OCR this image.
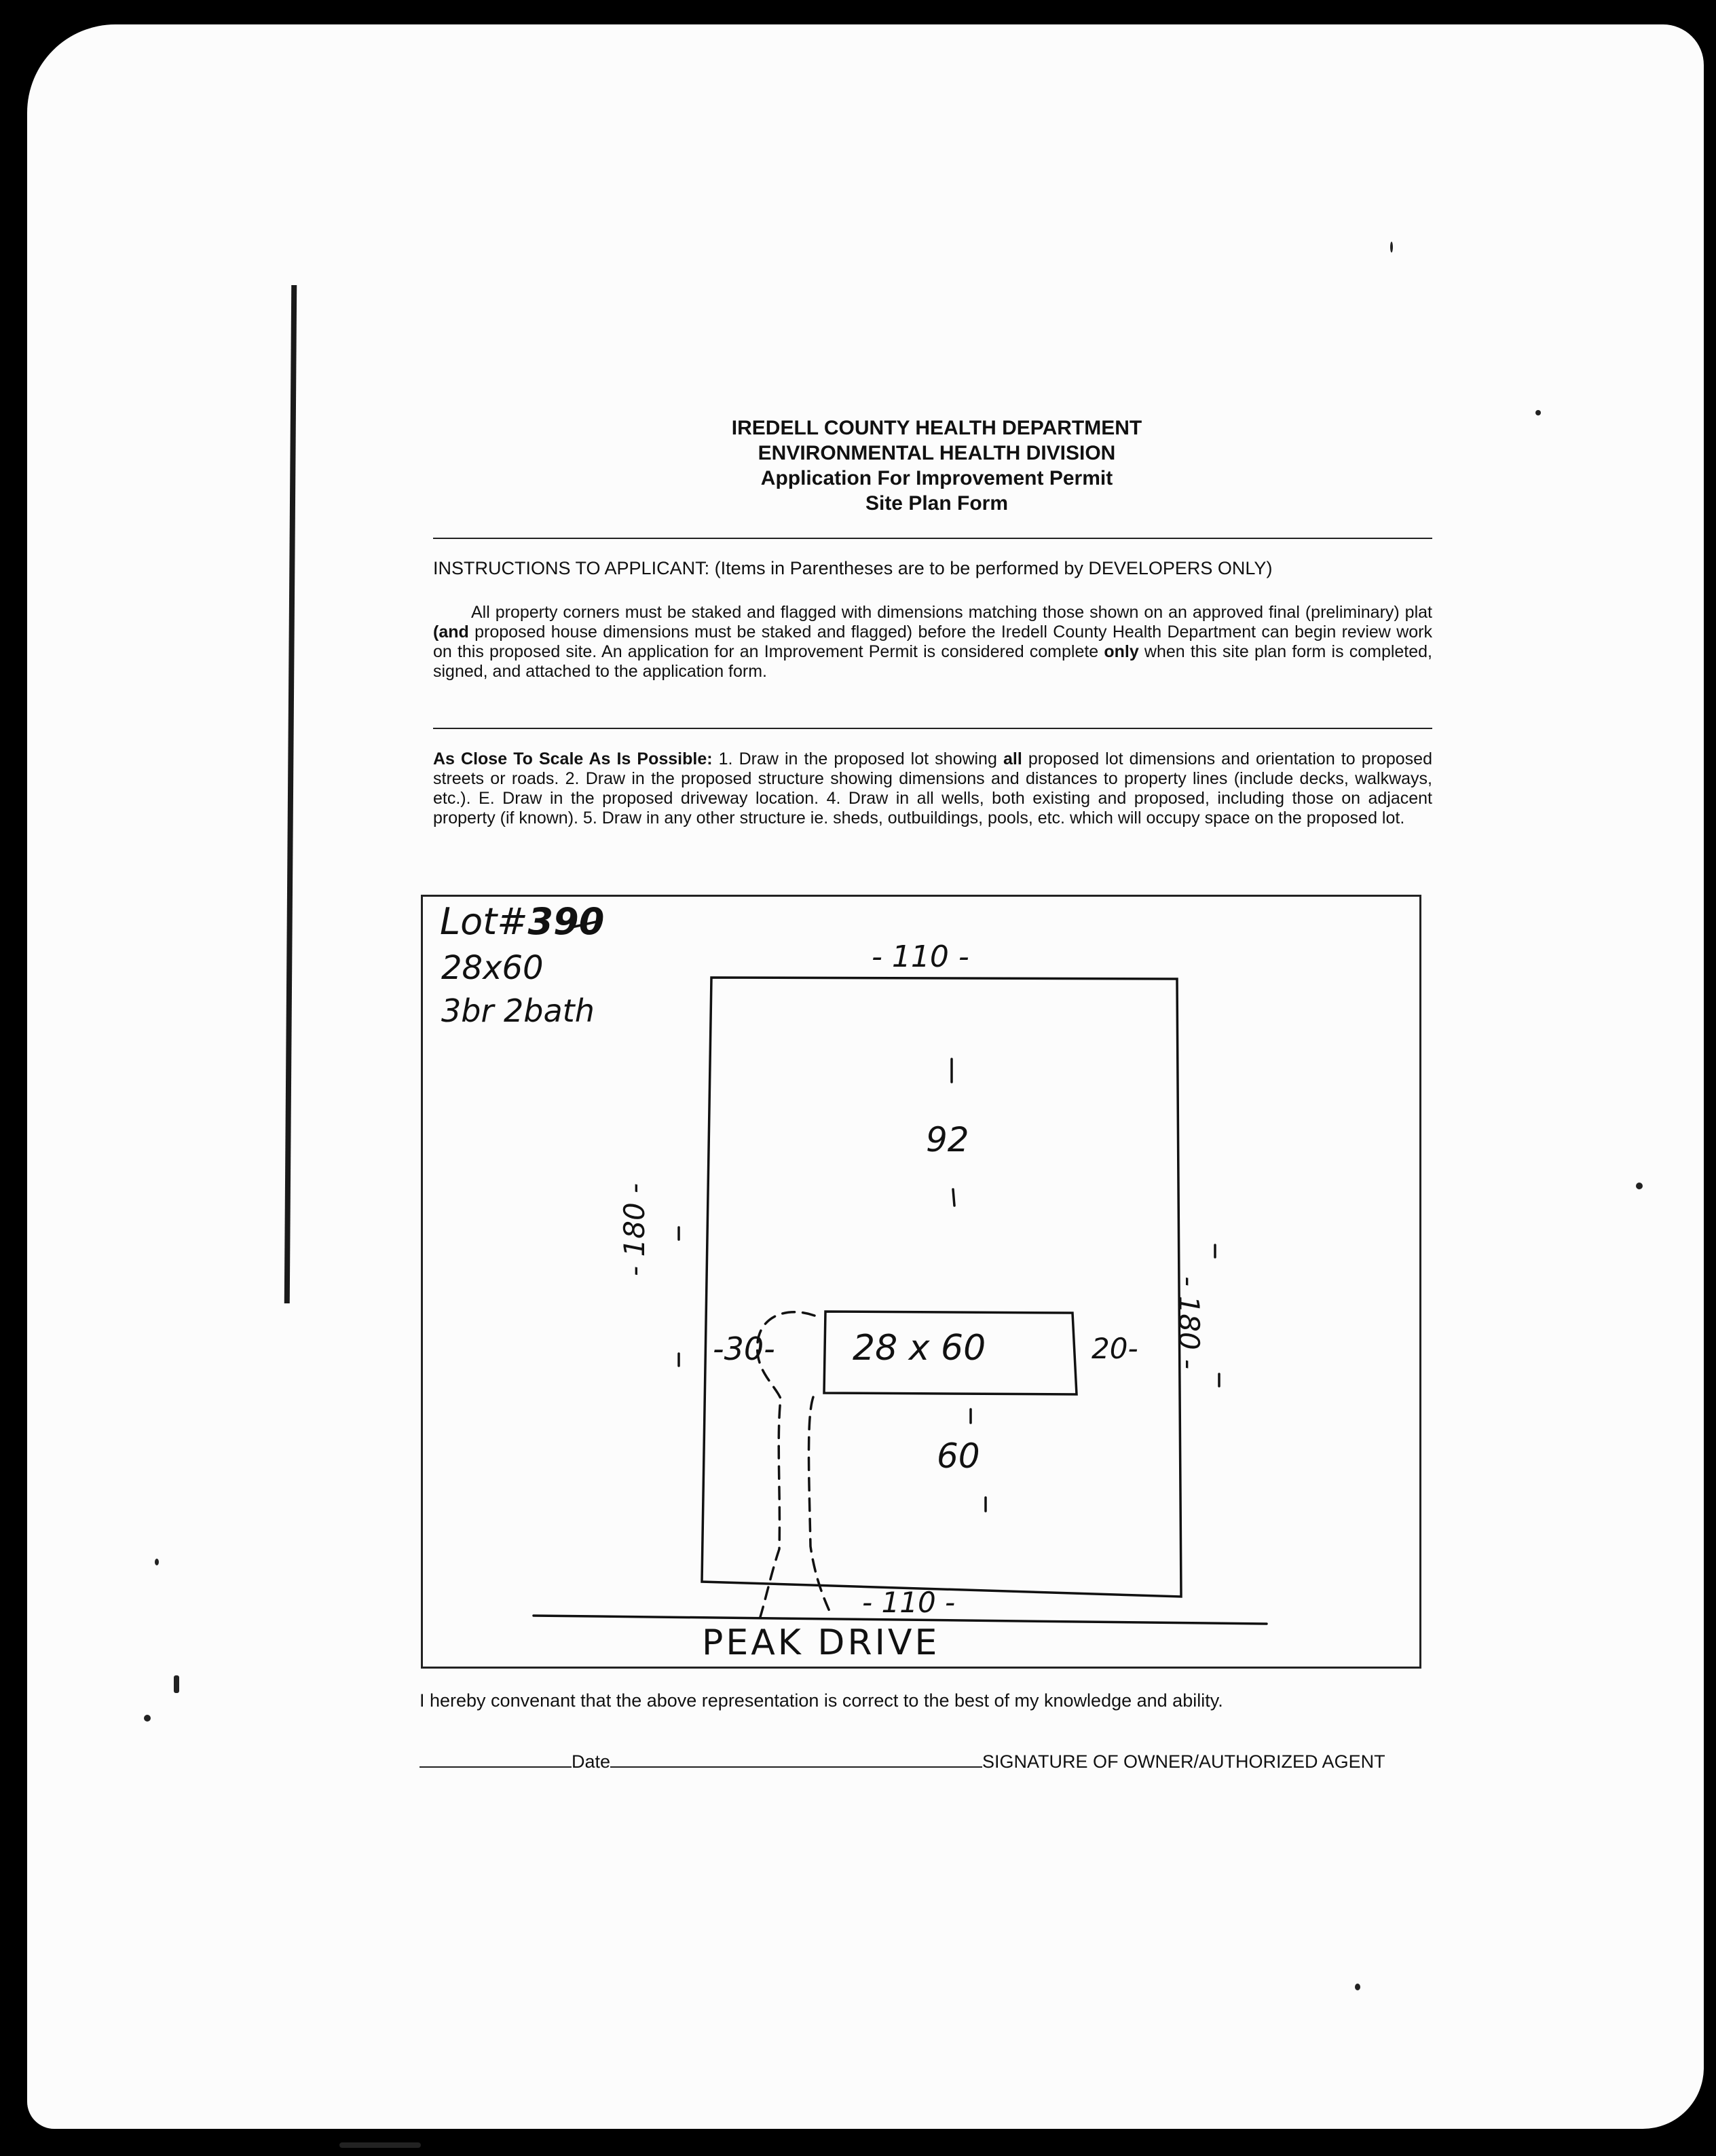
IREDELL COUNTY HEALTH DEPARTMENT
ENVIRONMENTAL HEALTH DIVISION
Application For Improvement Permit
Site Plan Form
INSTRUCTIONS TO APPLICANT: (Items in Parentheses are to be performed by DEVELOPERS ONLY)
All property corners must be staked and flagged with dimensions matching those shown on an approved final (preliminary) plat (and proposed house dimensions must be staked and flagged) before the Iredell County Health Department can begin review work on this proposed site. An application for an Improvement Permit is considered complete only when this site plan form is completed, signed, and attached to the application form.
As Close To Scale As Is Possible: 1. Draw in the proposed lot showing all proposed lot dimensions and orientation to proposed streets or roads. 2. Draw in the proposed structure showing dimensions and distances to property lines (include decks, walkways, etc.). E. Draw in the proposed driveway location. 4. Draw in all wells, both existing and proposed, including those on adjacent property (if known). 5. Draw in any other structure ie. sheds, outbuildings, pools, etc. which will occupy space on the proposed lot.
Lot#390
28x60
3br 2bath
- 110 -
92
- 180 -
- 180 -
-30- 28 x 60	20-
60
- 110 -
PEAK DRIVE
I hereby convenant that the above representation is correct to the best of my knowledge and ability.
Date	SIGNATURE OF OWNER/AUTHORIZED AGENT
